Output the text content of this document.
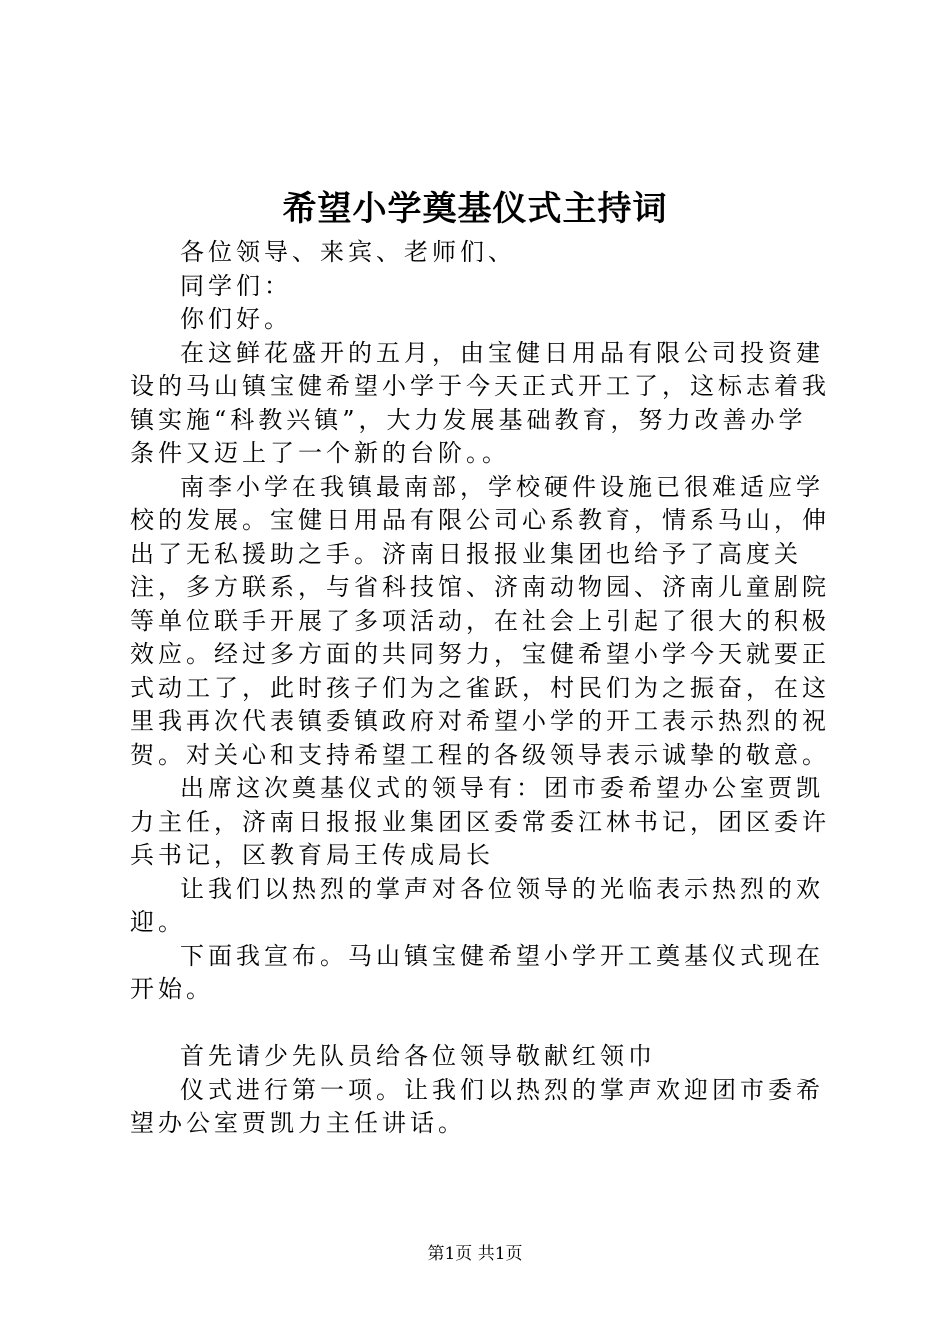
希望小学奠基仪式主持词

各位领导、来宾、老师们、

同学们：

你们好。

在这鲜花盛开的五月，由宝健日用品有限公司投资建设的马山镇宝健希望小学于今天正式开工了，这标志着我镇实施“科教兴镇”，大力发展基础教育，努力改善办学条件又迈上了一个新的台阶。。

南李小学在我镇最南部，学校硬件设施已很难适应学校的发展。宝健日用品有限公司心系教育，情系马山，伸出了无私援助之手。济南日报报业集团也给予了高度关注，多方联系，与省科技馆、济南动物园、济南儿童剧院等单位联手开展了多项活动，在社会上引起了很大的积极效应。经过多方面的共同努力，宝健希望小学今天就要正式动工了，此时孩子们为之雀跃，村民们为之振奋，在这里我再次代表镇委镇政府对希望小学的开工表示热烈的祝贺。对关心和支持希望工程的各级领导表示诚挚的敬意。

出席这次奠基仪式的领导有：团市委希望办公室贾凯力主任，济南日报报业集团区委常委江林书记，团区委许兵书记，区教育局王传成局长

让我们以热烈的掌声对各位领导的光临表示热烈的欢迎。

下面我宣布。马山镇宝健希望小学开工奠基仪式现在开始。

首先请少先队员给各位领导敬献红领巾

仪式进行第一项。让我们以热烈的掌声欢迎团市委希望办公室贾凯力主任讲话。

第1页 共1页
